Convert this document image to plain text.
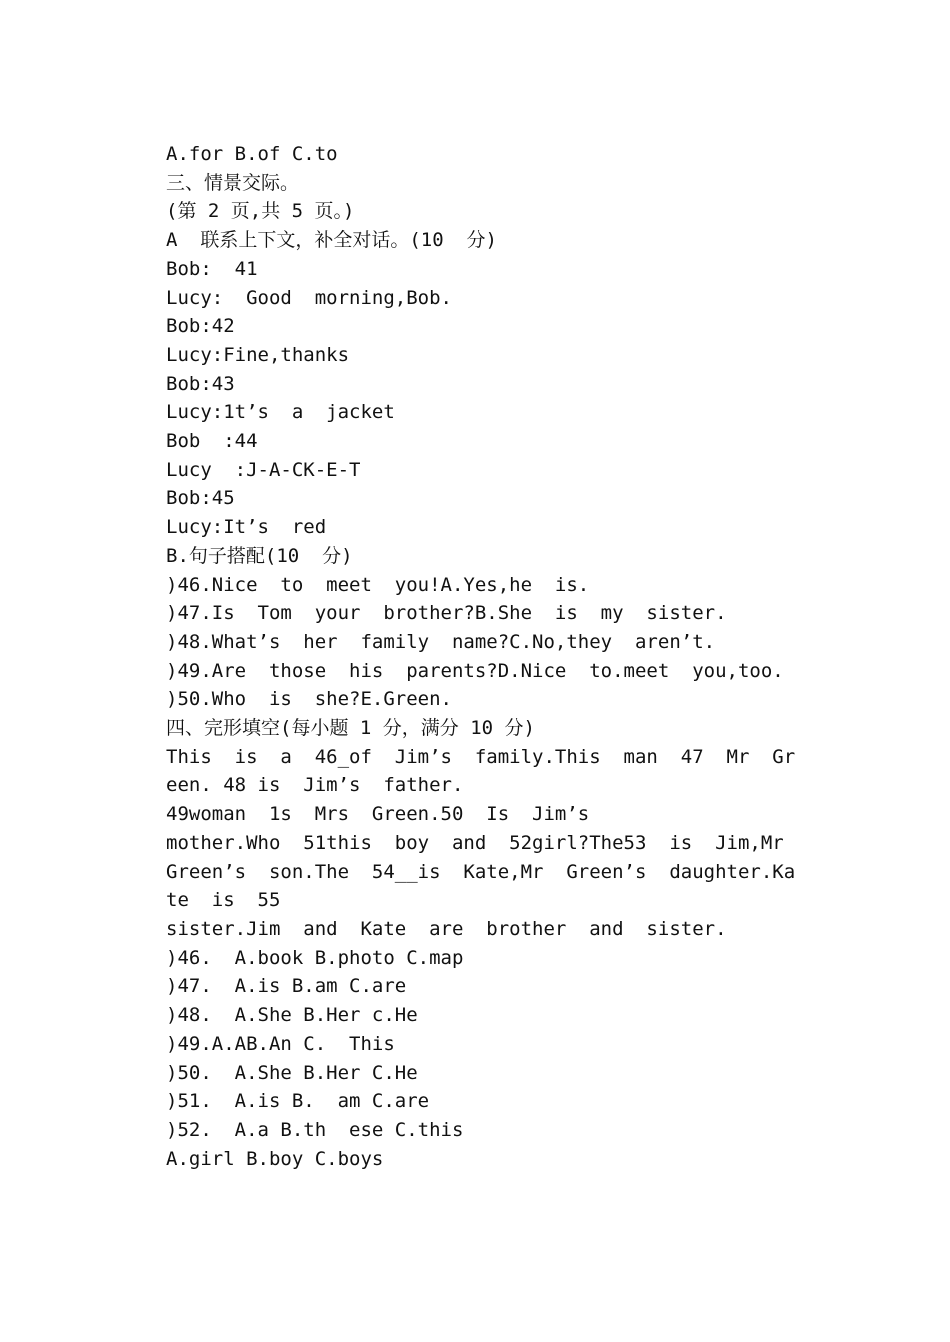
A.for B.of C.to

三、情景交际。

(第 2 页,共 5 页。)

A  联系上下文，补全对话。(10  分)

Bob:  41

Lucy:  Good  morning,Bob.

Bob:42

Lucy:Fine,thanks

Bob:43

Lucy:1t’s  a  jacket

Bob  :44

Lucy  :J-A-CK-E-T

Bob:45

Lucy:It’s  red

B.句子搭配(10  分)

)46.Nice  to  meet  you!A.Yes,he  is.

)47.Is  Tom  your  brother?B.She  is  my  sister.

)48.What’s  her  family  name?C.No,they  aren’t.

)49.Are  those  his  parents?D.Nice  to.meet  you,too.

)50.Who  is  she?E.Green.

四、完形填空(每小题 1 分，满分 10 分)

This  is  a  46_of  Jim’s  family.This  man  47  Mr  Gr

een. 48 is  Jim’s  father.

49woman  1s  Mrs  Green.50  Is  Jim’s

mother.Who  51this  boy  and  52girl?The53  is  Jim,Mr

Green’s  son.The  54__is  Kate,Mr  Green’s  daughter.Ka

te  is  55

sister.Jim  and  Kate  are  brother  and  sister.

)46.  A.book B.photo C.map

)47.  A.is B.am C.are

)48.  A.She B.Her c.He

)49.A.AB.An C.  This

)50.  A.She B.Her C.He

)51.  A.is B.  am C.are

)52.  A.a B.th  ese C.this

A.girl B.boy C.boys
